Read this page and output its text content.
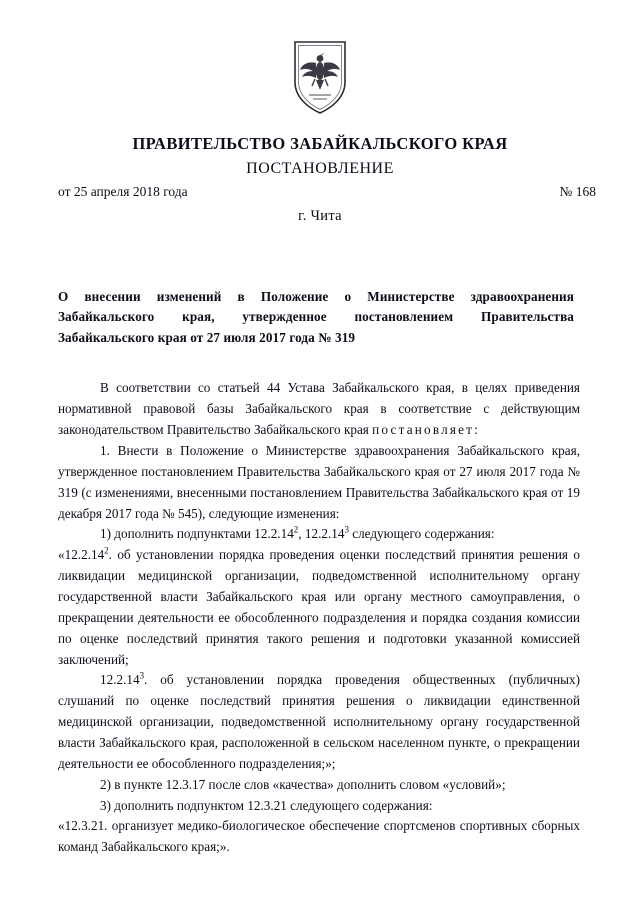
ПРАВИТЕЛЬСТВО ЗАБАЙКАЛЬСКОГО КРАЯ
ПОСТАНОВЛЕНИЕ
от 25 апреля 2018 года	№ 168
г. Чита
О внесении изменений в Положение о Министерстве здравоохранения Забайкальского края, утвержденное постановлением Правительства Забайкальского края от 27 июля 2017 года № 319

В соответствии со статьей 44 Устава Забайкальского края, в целях приведения нормативной правовой базы Забайкальского края в соответствие с действующим законодательством Правительство Забайкальского края постановляет:

1. Внести в Положение о Министерстве здравоохранения Забайкальского края, утвержденное постановлением Правительства Забайкальского края от 27 июля 2017 года № 319 (с изменениями, внесенными постановлением Правительства Забайкальского края от 19 декабря 2017 года № 545), следующие изменения:

1) дополнить подпунктами 12.2.14$^2$, 12.2.14$^3$ следующего содержания:

«12.2.14$^2$. об установлении порядка проведения оценки последствий принятия решения о ликвидации медицинской организации, подведомственной исполнительному органу государственной власти Забайкальского края или органу местного самоуправления, о прекращении деятельности ее обособленного подразделения и порядка создания комиссии по оценке последствий принятия такого решения и подготовки указанной комиссией заключений;

12.2.14$^3$. об установлении порядка проведения общественных (публичных) слушаний по оценке последствий принятия решения о ликвидации единственной медицинской организации, подведомственной исполнительному органу государственной власти Забайкальского края, расположенной в сельском населенном пункте, о прекращении деятельности ее обособленного подразделения;»;

2) в пункте 12.3.17 после слов «качества» дополнить словом «условий»;

3) дополнить подпунктом 12.3.21 следующего содержания:

«12.3.21. организует медико-биологическое обеспечение спортсменов спортивных сборных команд Забайкальского края;».
